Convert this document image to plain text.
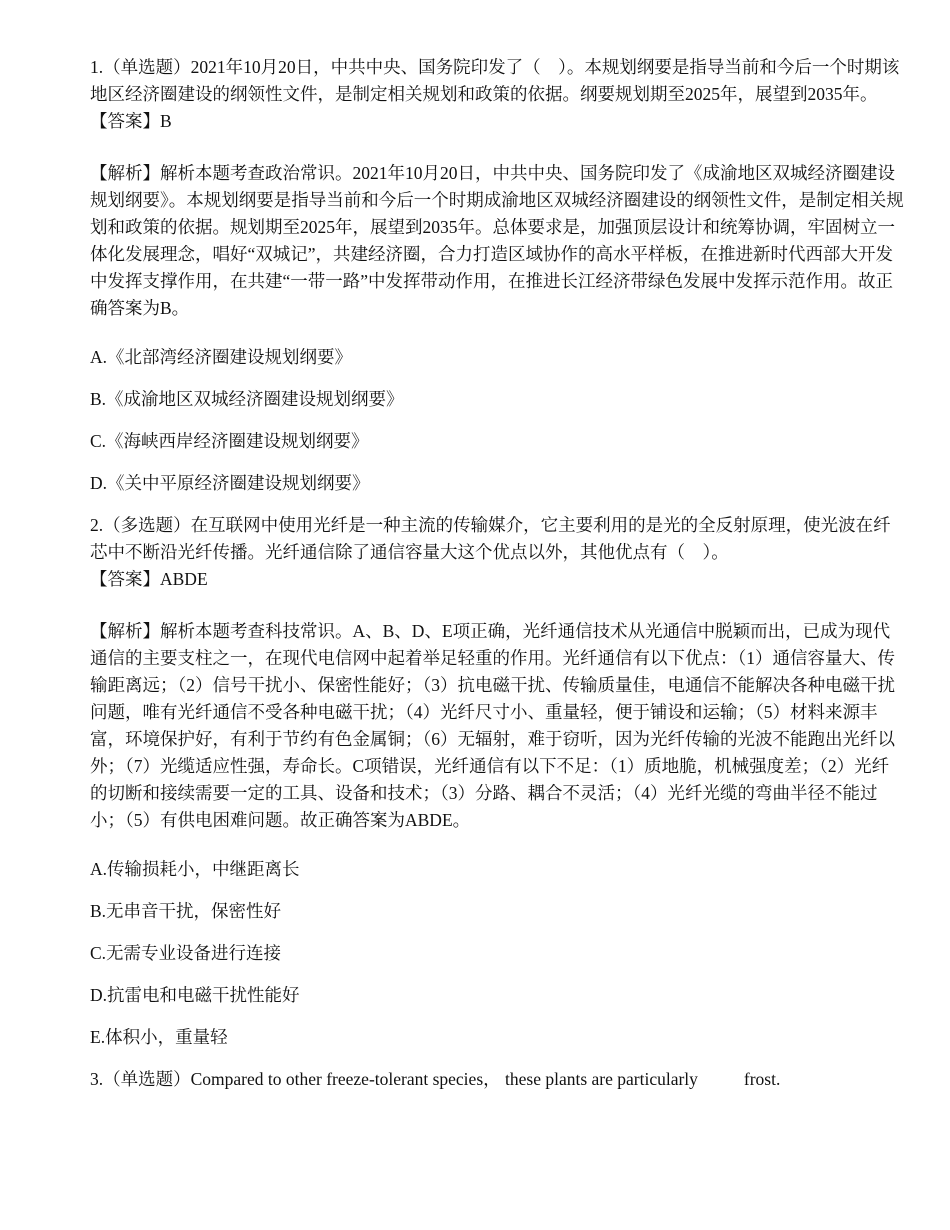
1.（单选题）2021年10月20日，中共中央、国务院印发了（　）。本规划纲要是指导当前和今后一个时期该地区经济圈建设的纲领性文件，是制定相关规划和政策的依据。纲要规划期至2025年，展望到2035年。

【答案】B

【解析】解析本题考查政治常识。2021年10月20日，中共中央、国务院印发了《成渝地区双城经济圈建设规划纲要》。本规划纲要是指导当前和今后一个时期成渝地区双城经济圈建设的纲领性文件，是制定相关规划和政策的依据。规划期至2025年，展望到2035年。总体要求是，加强顶层设计和统筹协调，牢固树立一体化发展理念，唱好“双城记”，共建经济圈，合力打造区域协作的高水平样板，在推进新时代西部大开发中发挥支撑作用，在共建“一带一路”中发挥带动作用，在推进长江经济带绿色发展中发挥示范作用。故正确答案为B。

A.《北部湾经济圈建设规划纲要》

B.《成渝地区双城经济圈建设规划纲要》

C.《海峡西岸经济圈建设规划纲要》

D.《关中平原经济圈建设规划纲要》

2.（多选题）在互联网中使用光纤是一种主流的传输媒介，它主要利用的是光的全反射原理，使光波在纤芯中不断沿光纤传播。光纤通信除了通信容量大这个优点以外，其他优点有（　）。

【答案】ABDE

【解析】解析本题考查科技常识。A、B、D、E项正确，光纤通信技术从光通信中脱颖而出，已成为现代通信的主要支柱之一，在现代电信网中起着举足轻重的作用。光纤通信有以下优点：（1）通信容量大、传输距离远；（2）信号干扰小、保密性能好；（3）抗电磁干扰、传输质量佳，电通信不能解决各种电磁干扰问题，唯有光纤通信不受各种电磁干扰；（4）光纤尺寸小、重量轻，便于铺设和运输；（5）材料来源丰富，环境保护好，有利于节约有色金属铜；（6）无辐射，难于窃听，因为光纤传输的光波不能跑出光纤以外；（7）光缆适应性强，寿命长。C项错误，光纤通信有以下不足：（1）质地脆，机械强度差；（2）光纤的切断和接续需要一定的工具、设备和技术；（3）分路、耦合不灵活；（4）光纤光缆的弯曲半径不能过小；（5）有供电困难问题。故正确答案为ABDE。

A.传输损耗小，中继距离长

B.无串音干扰，保密性好

C.无需专业设备进行连接

D.抗雷电和电磁干扰性能好

E.体积小，重量轻

3.（单选题）Compared to other freeze-tolerant species， these plants are particularly	frost.
